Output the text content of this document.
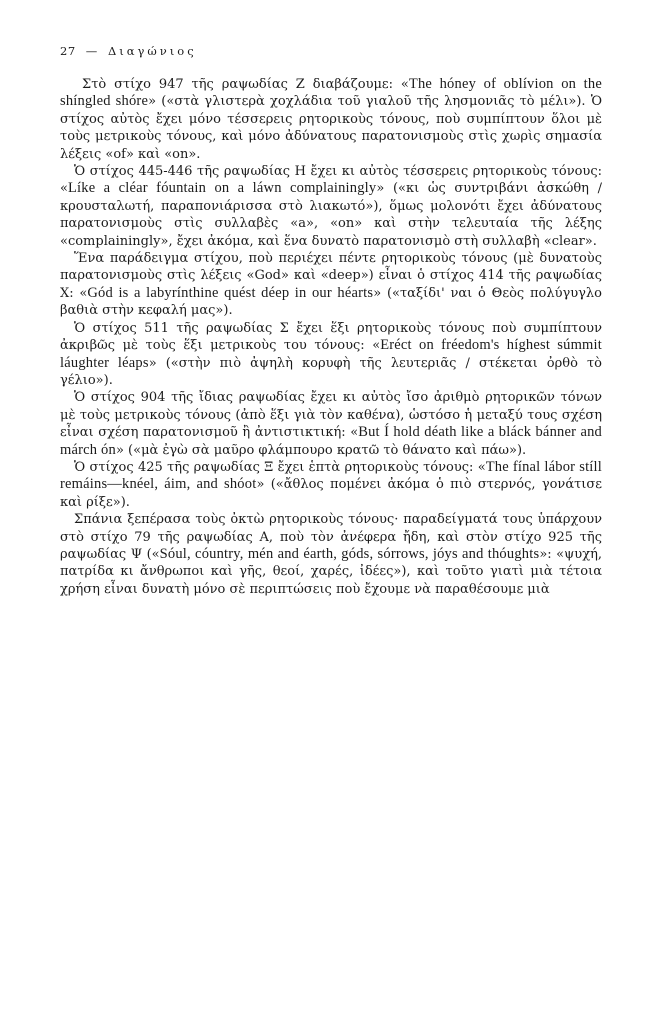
27 — Διαγώνιος

Στὸ στίχο 947 τῆς ραψωδίας Ζ διαβάζουμε: «The hóney of oblívion on the shíngled shóre» («στὰ γλιστερὰ χοχλάδια τοῦ γιαλοῦ τῆς λησμονιᾶς τὸ μέλι»). Ὁ στίχος αὐτὸς ἔχει μόνο τέσσερεις ρητορικοὺς τόνους, ποὺ συμπίπτουν ὅλοι μὲ τοὺς μετρικοὺς τόνους, καὶ μόνο ἀδύνατους παρατονισμοὺς στὶς χωρὶς σημασία λέξεις «of» καὶ «on».

Ὁ στίχος 445-446 τῆς ραψωδίας Η ἔχει κι αὐτὸς τέσσερεις ρητορικοὺς τόνους: «Líke a cléar fóuntain on a láwn complainingly» («κι ὡς συντριβάνι ἀσκώθη / κρουσταλωτή, παραπονιάρισσα στὸ λιακωτό»), ὅμως μολονότι ἔχει ἀδύνατους παρατονισμοὺς στὶς συλλαβὲς «a», «on» καὶ στὴν τελευταία τῆς λέξης «complainingly», ἔχει ἀκόμα, καὶ ἕνα δυνατὸ παρατονισμὸ στὴ συλλαβὴ «clear».

Ἕνα παράδειγμα στίχου, ποὺ περιέχει πέντε ρητορικοὺς τόνους (μὲ δυνατοὺς παρατονισμοὺς στὶς λέξεις «God» καὶ «deep») εἶναι ὁ στίχος 414 τῆς ραψωδίας Χ: «Gód is a labyrínthine quést déep in our héarts» («ταξίδι' ναι ὁ Θεὸς πολύγυγλο βαθιὰ στὴν κεφαλή μας»).

Ὁ στίχος 511 τῆς ραψωδίας Σ ἔχει ἕξι ρητορικοὺς τόνους ποὺ συμπίπτουν ἀκριβῶς μὲ τοὺς ἕξι μετρικοὺς του τόνους: «Eréct on fréedom's híghest súmmit láughter léaps» («στὴν πιὸ ἀψηλὴ κορυφὴ τῆς λευτεριᾶς / στέκεται ὀρθὸ τὸ γέλιο»).

Ὁ στίχος 904 τῆς ἴδιας ραψωδίας ἔχει κι αὐτὸς ἴσο ἀριθμὸ ρητορικῶν τόνων μὲ τοὺς μετρικοὺς τόνους (ἀπὸ ἕξι γιὰ τὸν καθένα), ὡστόσο ἡ μεταξύ τους σχέση εἶναι σχέση παρατονισμοῦ ἢ ἀντιστικτική: «But Í hold déath like a bláck bánner and márch ón» («μὰ ἐγὼ σὰ μαῦρο φλάμπουρο κρατῶ τὸ θάνατο καὶ πάω»).

Ὁ στίχος 425 τῆς ραψωδίας Ξ ἔχει ἑπτὰ ρητορικοὺς τόνους: «The fínal lábor stíll remáins—knéel, áim, and shóot» («ἄθλος πομένει ἀκόμα ὁ πιὸ στερνός, γονάτισε καὶ ρίξε»).

Σπάνια ξεπέρασα τοὺς ὀκτὼ ρητορικοὺς τόνους· παραδείγματά τους ὑπάρχουν στὸ στίχο 79 τῆς ραψωδίας Α, ποὺ τὸν ἀνέφερα ἤδη, καὶ στὸν στίχο 925 τῆς ραψωδίας Ψ («Sóul, cóuntry, mén and éarth, góds, sórrows, jóys and thóughts»: «ψυχή, πατρίδα κι ἄνθρωποι καὶ γῆς, θεοί, χαρές, ἰδέες»), καὶ τοῦτο γιατὶ μιὰ τέτοια χρήση εἶναι δυνατὴ μόνο σὲ περιπτώσεις ποὺ ἔχουμε νὰ παραθέσουμε μιὰ
